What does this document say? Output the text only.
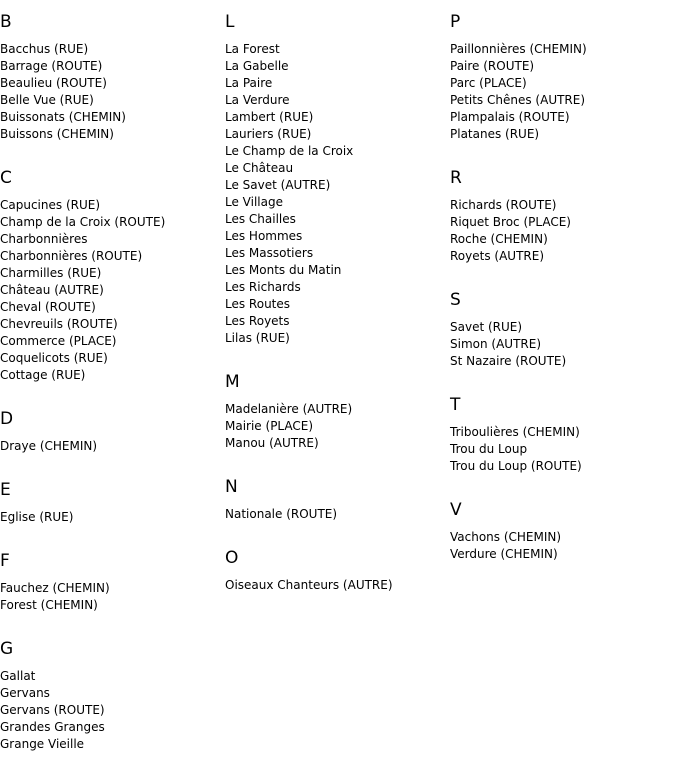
B
Bacchus (RUE)
Barrage (ROUTE)
Beaulieu (ROUTE)
Belle Vue (RUE)
Buissonats (CHEMIN)
Buissons (CHEMIN)
C
Capucines (RUE)
Champ de la Croix (ROUTE)
Charbonnières
Charbonnières (ROUTE)
Charmilles (RUE)
Château (AUTRE)
Cheval (ROUTE)
Chevreuils (ROUTE)
Commerce (PLACE)
Coquelicots (RUE)
Cottage (RUE)
D
Draye (CHEMIN)
E
Eglise (RUE)
F
Fauchez (CHEMIN)
Forest (CHEMIN)
G
Gallat
Gervans
Gervans (ROUTE)
Grandes Granges
Grange Vieille
L
La Forest
La Gabelle
La Paire
La Verdure
Lambert (RUE)
Lauriers (RUE)
Le Champ de la Croix
Le Château
Le Savet (AUTRE)
Le Village
Les Chailles
Les Hommes
Les Massotiers
Les Monts du Matin
Les Richards
Les Routes
Les Royets
Lilas (RUE)
M
Madelanière (AUTRE)
Mairie (PLACE)
Manou (AUTRE)
N
Nationale (ROUTE)
O
Oiseaux Chanteurs (AUTRE)
P
Paillonnières (CHEMIN)
Paire (ROUTE)
Parc (PLACE)
Petits Chênes (AUTRE)
Plampalais (ROUTE)
Platanes (RUE)
R
Richards (ROUTE)
Riquet Broc (PLACE)
Roche (CHEMIN)
Royets (AUTRE)
S
Savet (RUE)
Simon (AUTRE)
St Nazaire (ROUTE)
T
Triboulières (CHEMIN)
Trou du Loup
Trou du Loup (ROUTE)
V
Vachons (CHEMIN)
Verdure (CHEMIN)
